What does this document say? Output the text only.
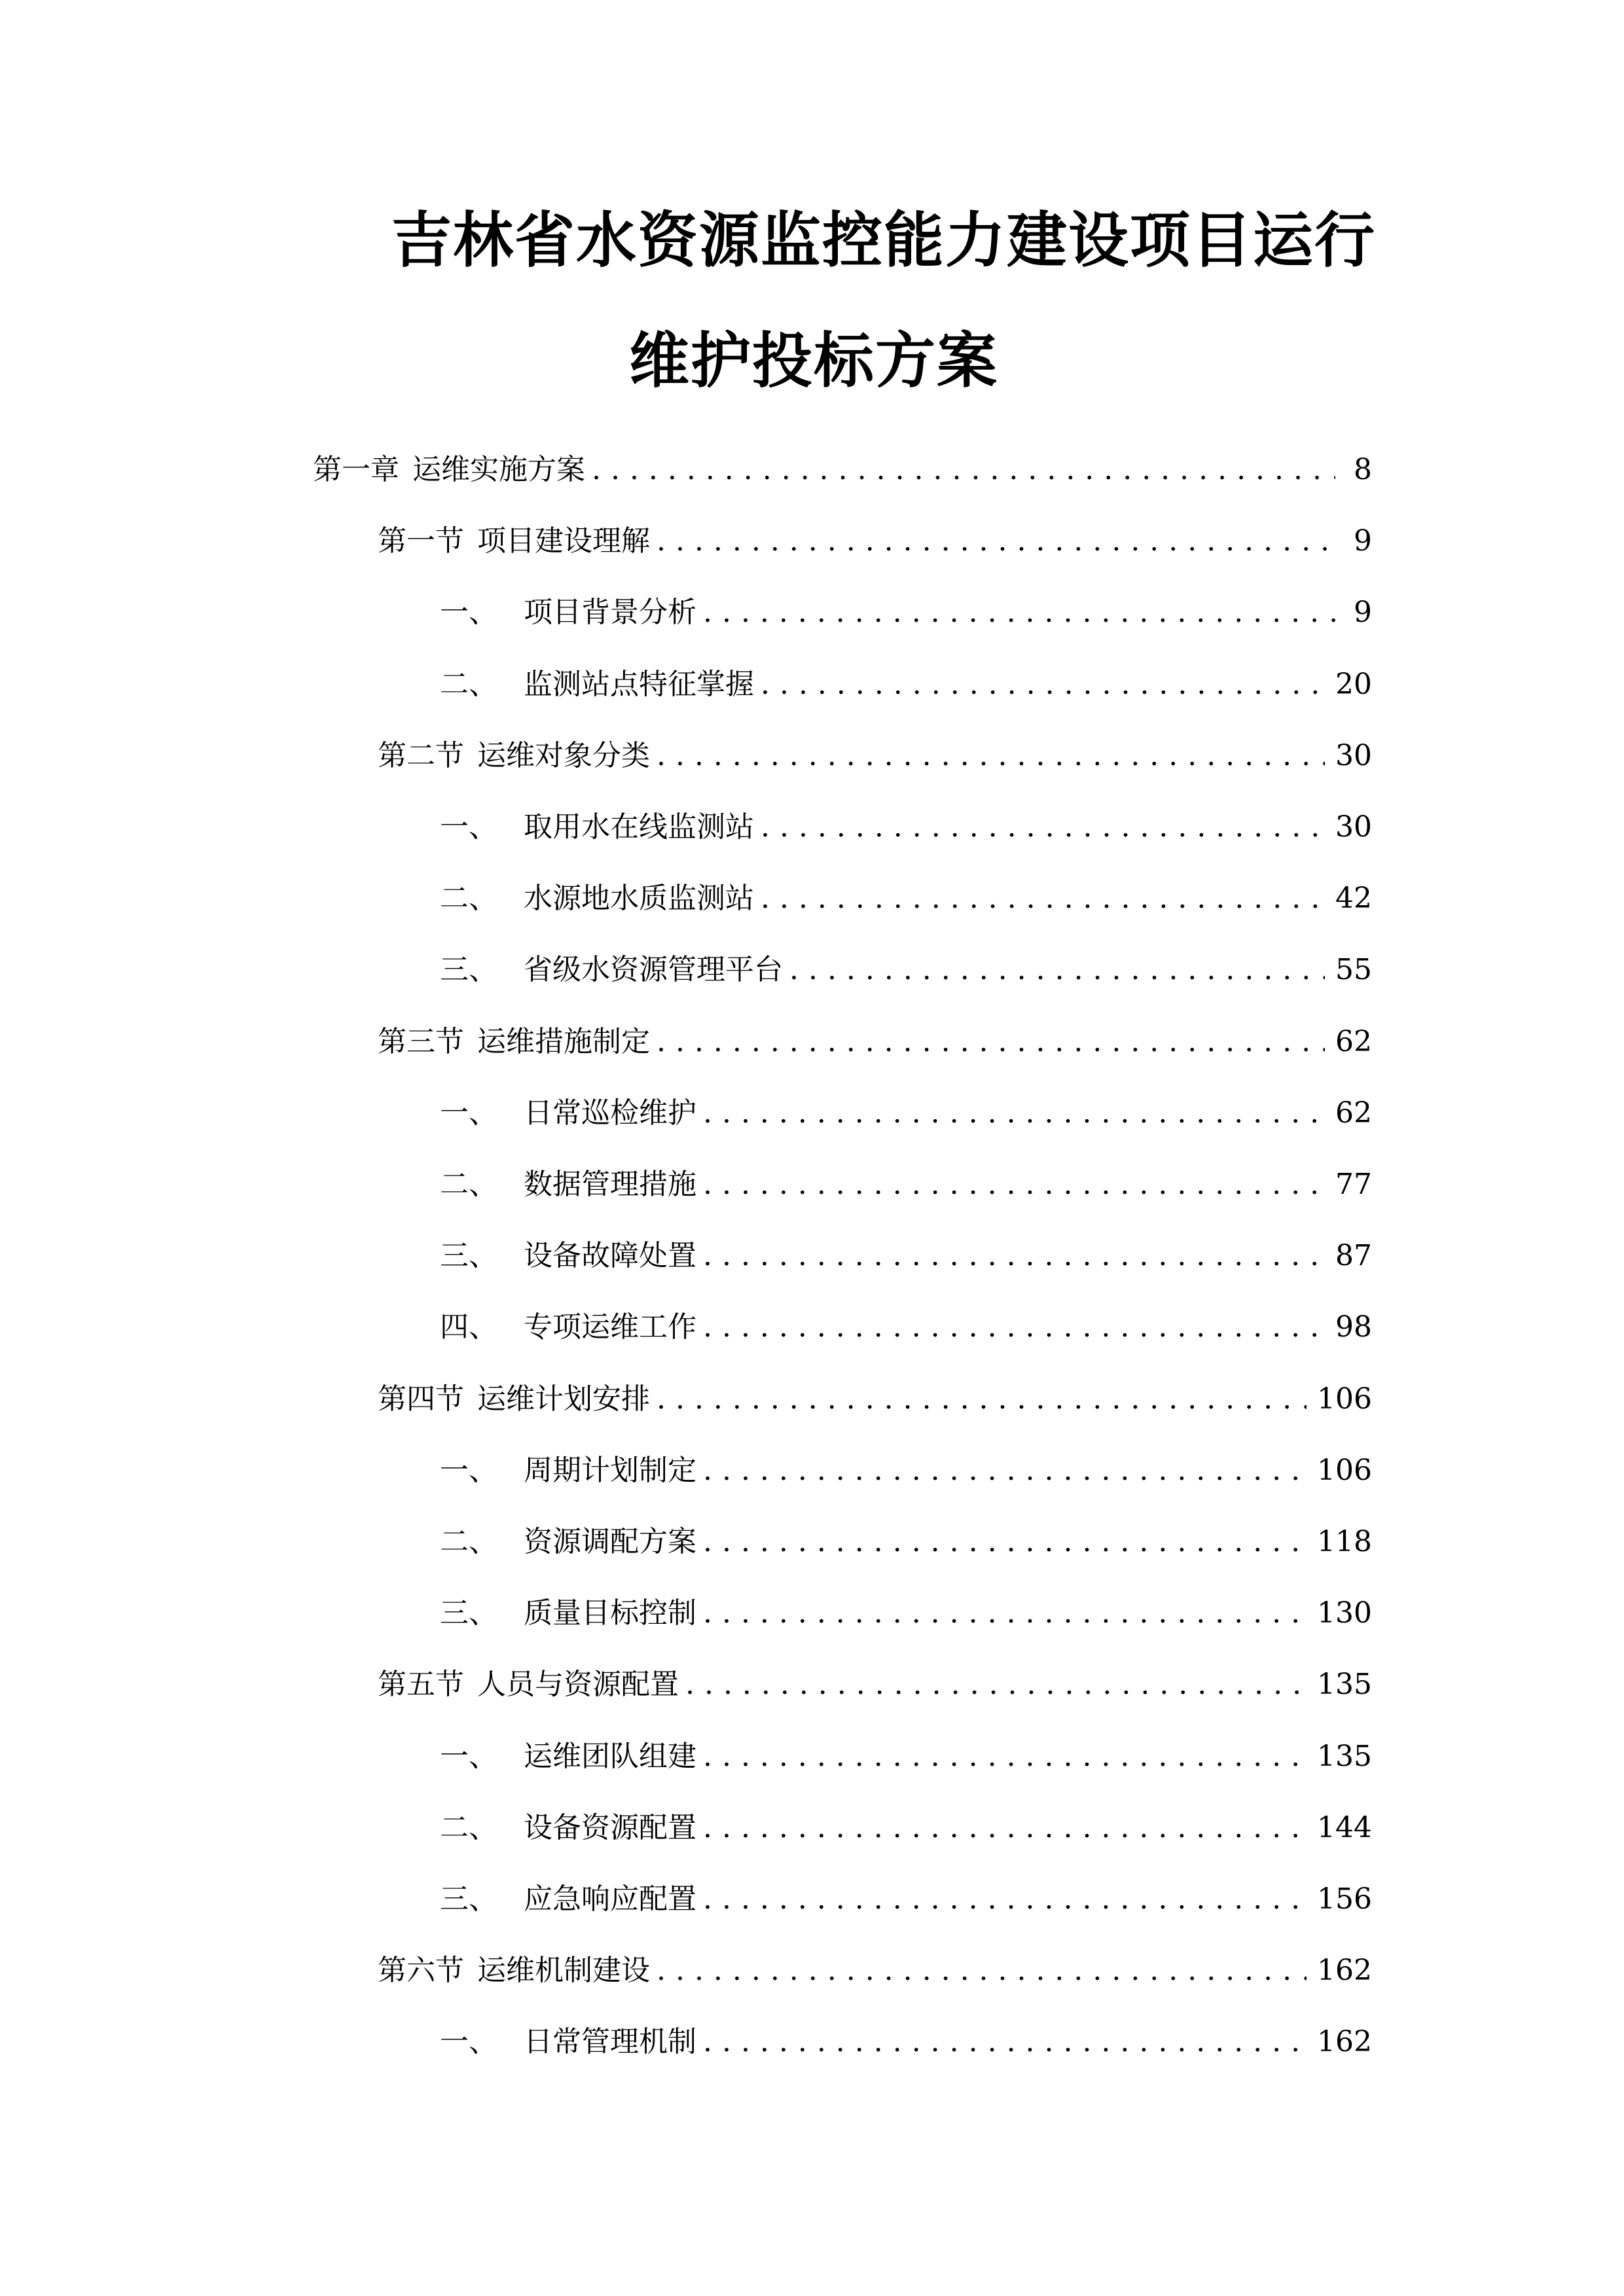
吉林省水资源监控能力建设项目运行
维护投标方案
第一章 运维实施方案 . . .	8
第一节 项目建设理解 . . .	9
一、 项目背景分析 . . .	9
二、 监测站点特征掌握 . . .	20
第二节 运维对象分类 . . .	30
一、 取用水在线监测站 . . .	30
二、 水源地水质监测站 . . .	42
三、 省级水资源管理平台 . . .	55
第三节 运维措施制定 . . .	62
一、 日常巡检维护 . . .	62
二、 数据管理措施 . . .	77
三、 设备故障处置 . . .	87
四、 专项运维工作 . . .	98
第四节 运维计划安排 . . .	106
一、 周期计划制定 . . .	106
二、 资源调配方案 . . .	118
三、 质量目标控制 . . .	130
第五节 人员与资源配置 . . .	135
一、 运维团队组建 . . .	135
二、 设备资源配置 . . .	144
三、 应急响应配置 . . .	156
第六节 运维机制建设 . . .	162
一、 日常管理机制 . . .	162
